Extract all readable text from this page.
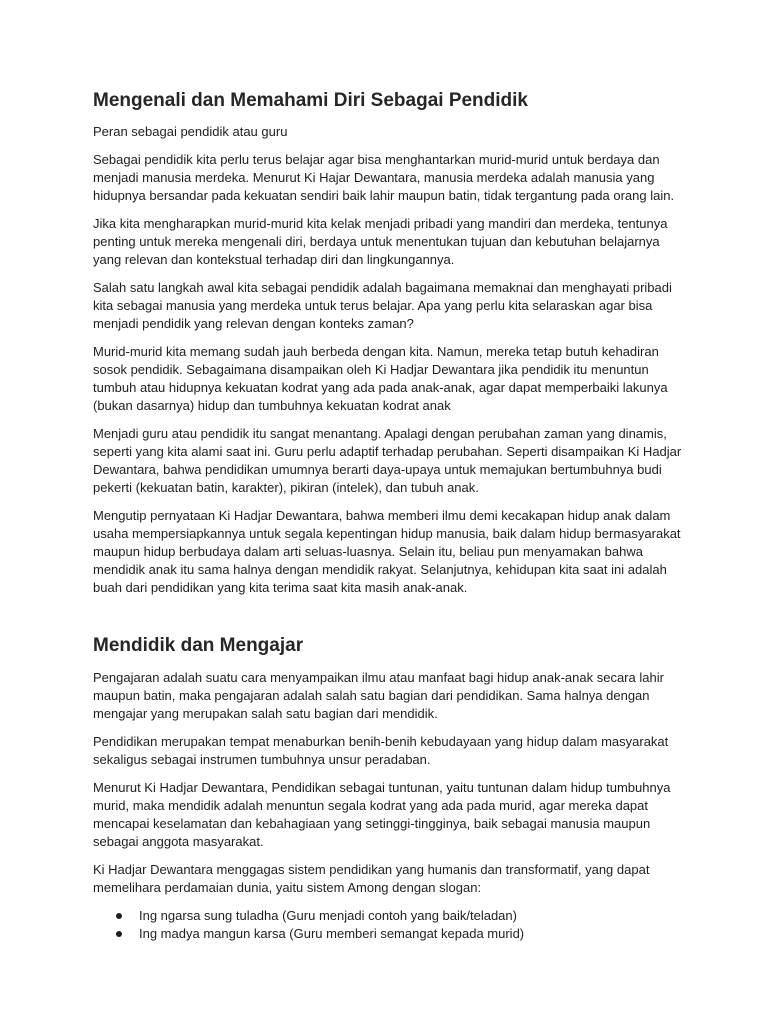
Mengenali dan Memahami Diri Sebagai Pendidik

Peran sebagai pendidik atau guru

Sebagai pendidik kita perlu terus belajar agar bisa menghantarkan murid-murid untuk berdaya dan menjadi manusia merdeka. Menurut Ki Hajar Dewantara, manusia merdeka adalah manusia yang hidupnya bersandar pada kekuatan sendiri baik lahir maupun batin, tidak tergantung pada orang lain.

Jika kita mengharapkan murid-murid kita kelak menjadi pribadi yang mandiri dan merdeka, tentunya penting untuk mereka mengenali diri, berdaya untuk menentukan tujuan dan kebutuhan belajarnya yang relevan dan kontekstual terhadap diri dan lingkungannya.

Salah satu langkah awal kita sebagai pendidik adalah bagaimana memaknai dan menghayati pribadi kita sebagai manusia yang merdeka untuk terus belajar. Apa yang perlu kita selaraskan agar bisa menjadi pendidik yang relevan dengan konteks zaman?

Murid-murid kita memang sudah jauh berbeda dengan kita. Namun, mereka tetap butuh kehadiran sosok pendidik. Sebagaimana disampaikan oleh Ki Hadjar Dewantara jika pendidik itu menuntun tumbuh atau hidupnya kekuatan kodrat yang ada pada anak-anak, agar dapat memperbaiki lakunya (bukan dasarnya) hidup dan tumbuhnya kekuatan kodrat anak

Menjadi guru atau pendidik itu sangat menantang. Apalagi dengan perubahan zaman yang dinamis, seperti yang kita alami saat ini. Guru perlu adaptif terhadap perubahan. Seperti disampaikan Ki Hadjar Dewantara, bahwa pendidikan umumnya berarti daya-upaya untuk memajukan bertumbuhnya budi pekerti (kekuatan batin, karakter), pikiran (intelek), dan tubuh anak.

Mengutip pernyataan Ki Hadjar Dewantara, bahwa memberi ilmu demi kecakapan hidup anak dalam usaha mempersiapkannya untuk segala kepentingan hidup manusia, baik dalam hidup bermasyarakat maupun hidup berbudaya dalam arti seluas-luasnya. Selain itu, beliau pun menyamakan bahwa mendidik anak itu sama halnya dengan mendidik rakyat. Selanjutnya, kehidupan kita saat ini adalah buah dari pendidikan yang kita terima saat kita masih anak-anak.

Mendidik dan Mengajar

Pengajaran adalah suatu cara menyampaikan ilmu atau manfaat bagi hidup anak-anak secara lahir maupun batin, maka pengajaran adalah salah satu bagian dari pendidikan. Sama halnya dengan mengajar yang merupakan salah satu bagian dari mendidik.

Pendidikan merupakan tempat menaburkan benih-benih kebudayaan yang hidup dalam masyarakat sekaligus sebagai instrumen tumbuhnya unsur peradaban.

Menurut Ki Hadjar Dewantara, Pendidikan sebagai tuntunan, yaitu tuntunan dalam hidup tumbuhnya murid, maka mendidik adalah menuntun segala kodrat yang ada pada murid, agar mereka dapat mencapai keselamatan dan kebahagiaan yang setinggi-tingginya, baik sebagai manusia maupun sebagai anggota masyarakat.

Ki Hadjar Dewantara menggagas sistem pendidikan yang humanis dan transformatif, yang dapat memelihara perdamaian dunia, yaitu sistem Among dengan slogan:

Ing ngarsa sung tuladha (Guru menjadi contoh yang baik/teladan)
Ing madya mangun karsa (Guru memberi semangat kepada murid)
